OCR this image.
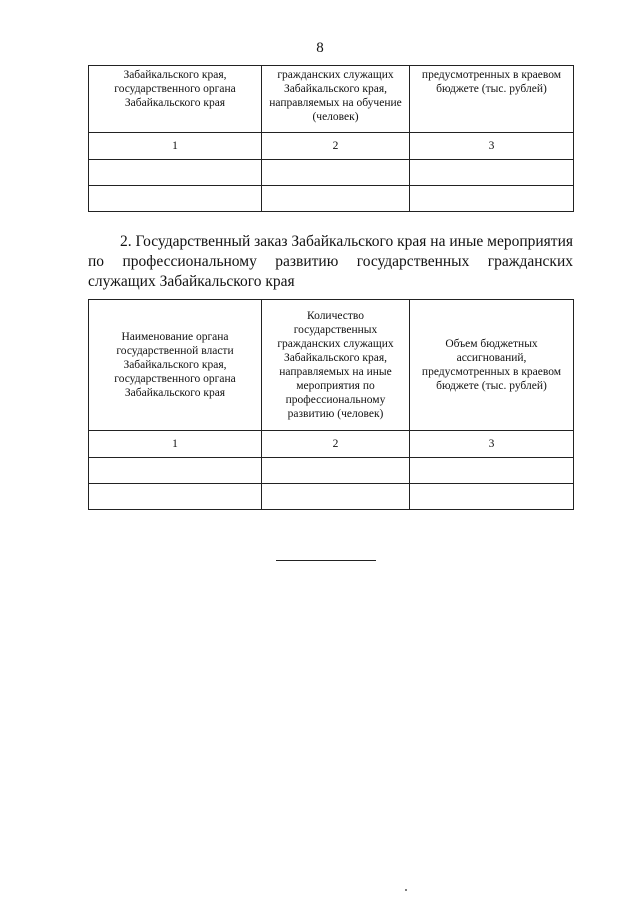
8
Забайкальского края, государственного органа Забайкальского края	гражданских служащих Забайкальского края, направляемых на обучение (человек)	предусмотренных в краевом бюджете (тыс. рублей)
1	2	3

2. Государственный заказ Забайкальского края на иные мероприятия по профессиональному развитию государственных гражданских служащих Забайкальского края

Наименование органа государственной власти Забайкальского края, государственного органа Забайкальского края	Количество государственных гражданских служащих Забайкальского края, направляемых на иные мероприятия по профессиональному развитию (человек)	Объем бюджетных ассигнований, предусмотренных в краевом бюджете (тыс. рублей)
1	2	3
